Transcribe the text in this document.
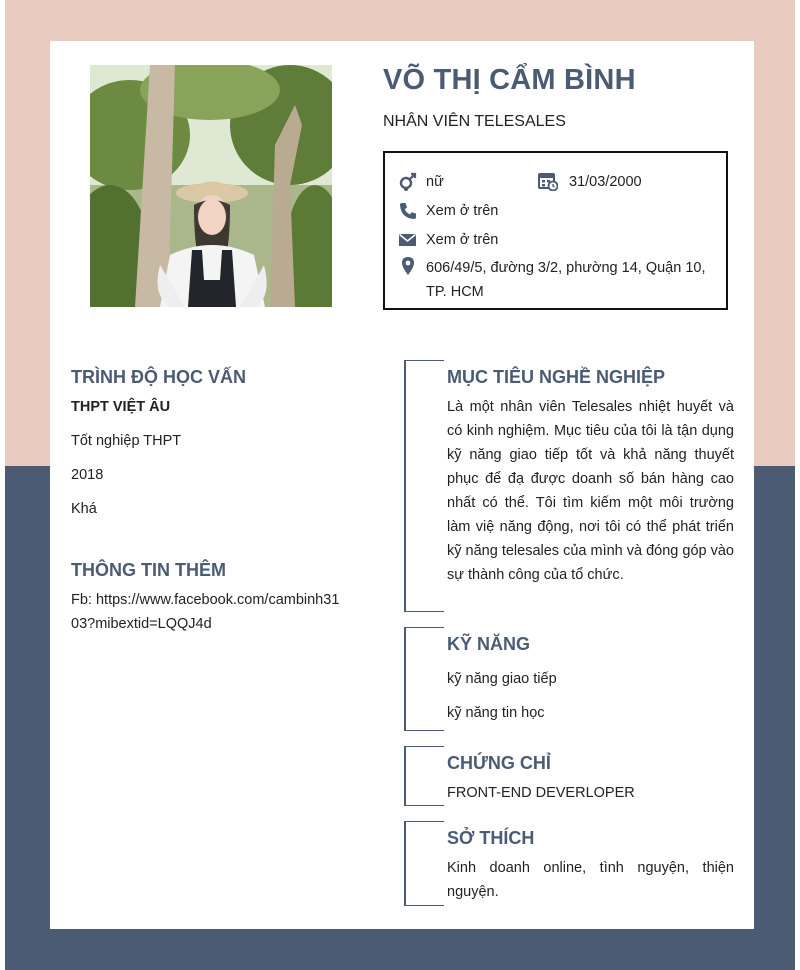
VÕ THỊ CẨM BÌNH
NHÂN VIÊN TELESALES
nữ	31/03/2000
Xem ở trên
Xem ở trên
606/49/5, đường 3/2, phường 14, Quận 10, TP. HCM
TRÌNH ĐỘ HỌC VẤN
THPT VIỆT ÂU
Tốt nghiệp THPT
2018
Khá
THÔNG TIN THÊM
Fb: https://www.facebook.com/cambinh31
03?mibextid=LQQJ4d
MỤC TIÊU NGHỀ NGHIỆP
Là một nhân viên Telesales nhiệt huyết và có kinh nghiệm. Mục tiêu của tôi là tận dụng kỹ năng giao tiếp tốt và khả năng thuyết phục để đạ được doanh số bán hàng cao nhất có thể. Tôi tìm kiếm một môi trường làm việ năng động, nơi tôi có thể phát triển kỹ năng telesales của mình và đóng góp vào sự thành công của tổ chức.
KỸ NĂNG
kỹ năng giao tiếp
kỹ năng tin học
CHỨNG CHỈ
FRONT-END DEVERLOPER
SỞ THÍCH
Kinh doanh online, tình nguyện, thiện nguyện.
